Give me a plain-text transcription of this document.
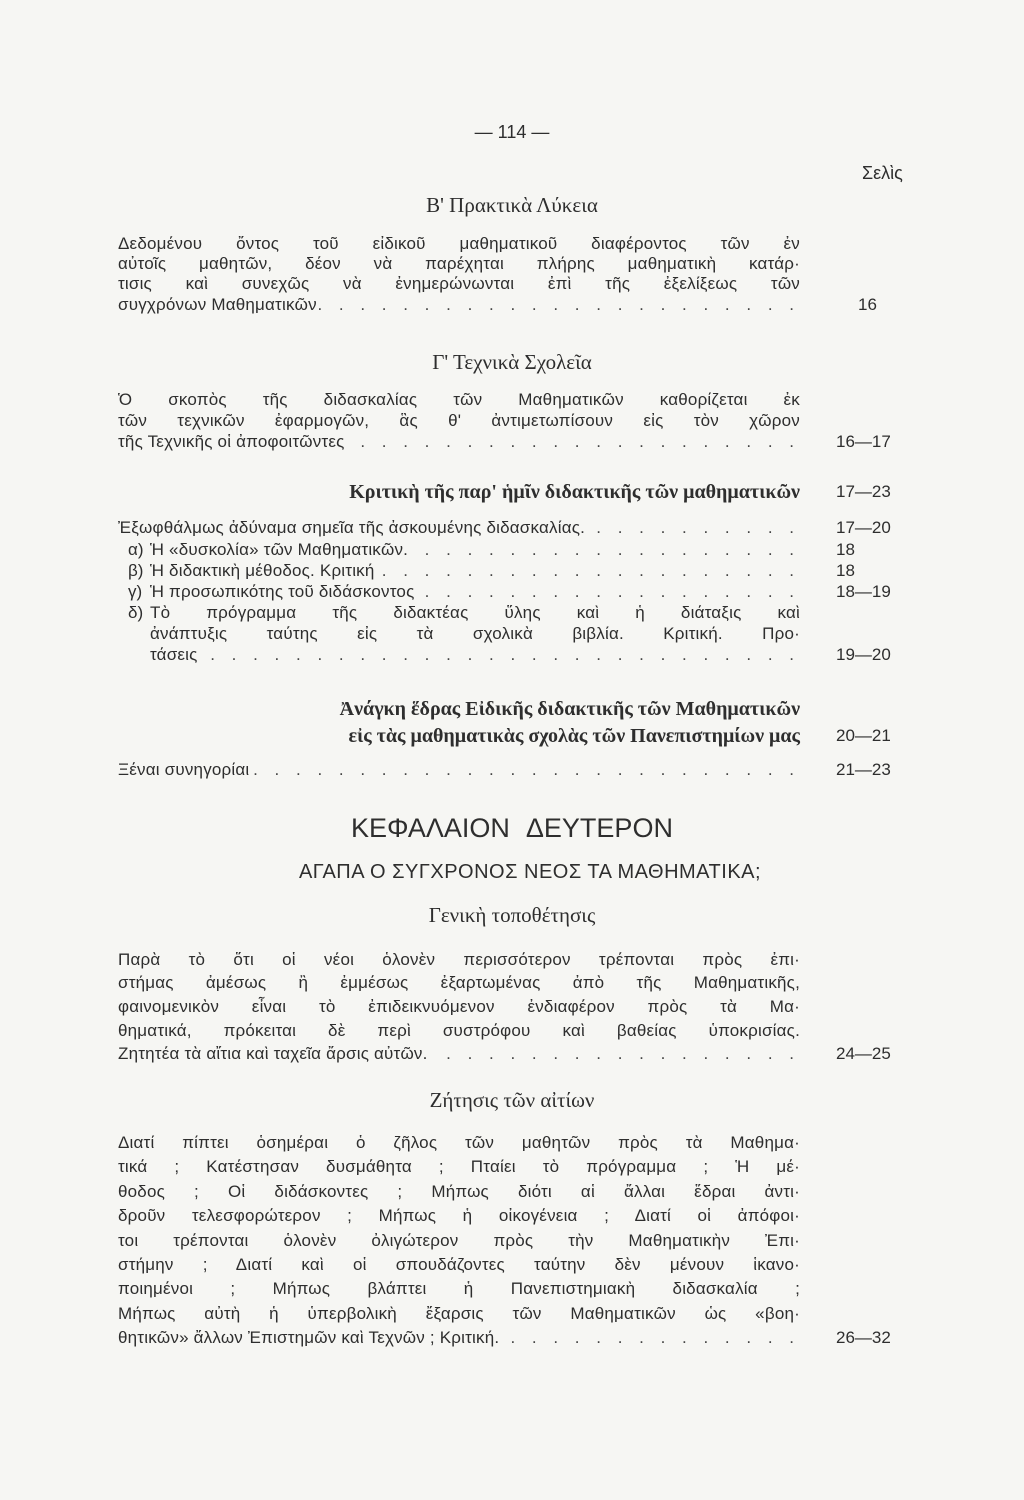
— 114 —
Σελὶς
Β' Πρακτικὰ Λύκεια
Δεδομένου ὄντος τοῦ εἰδικοῦ μαθηματικοῦ διαφέροντος τῶν ἐν
αὐτοῖς μαθητῶν, δέον νὰ παρέχηται πλήρης μαθηματικὴ κατάρ·
τισις καὶ συνεχῶς νὰ ἐνημερώνωνται ἐπὶ τῆς ἐξελίξεως τῶν
συγχρόνων Μαθηματικῶν . . .	16
Γ' Τεχνικὰ Σχολεῖα
Ὁ σκοπὸς τῆς διδασκαλίας τῶν Μαθηματικῶν καθορίζεται ἐκ
τῶν τεχνικῶν ἐφαρμογῶν, ἃς θ' ἀντιμετωπίσουν εἰς τὸν χῶρον
τῆς Τεχνικῆς οἱ ἀποφοιτῶντες . . .	16—17
Κριτικὴ τῆς παρ' ἡμῖν διδακτικῆς τῶν μαθηματικῶν 17—23
Ἐξωφθάλμως ἀδύναμα σημεῖα τῆς ἀσκουμένης διδασκαλίας. . . .	17—20
α) Ἡ «δυσκολία» τῶν Μαθηματικῶν. . . .	18
β) Ἡ διδακτικὴ μέθοδος. Κριτική . . .	18
γ) Ἡ προσωπικότης τοῦ διδάσκοντος . . .	18—19
δ) Τὸ πρόγραμμα τῆς διδακτέας ὕλης καὶ ἡ διάταξις καὶ
ἀνάπτυξις ταύτης εἰς τὰ σχολικὰ βιβλία. Κριτική. Προ·
τάσεις . . .	19—20
Ἀνάγκη ἕδρας Εἰδικῆς διδακτικῆς τῶν Μαθηματικῶν
εἰς τὰς μαθηματικὰς σχολὰς τῶν Πανεπιστημίων μας 20—21
Ξέναι συνηγορίαι . . .	21—23
ΚΕΦΑΛΑΙΟΝ ΔΕΥΤΕΡΟΝ
ΑΓΑΠΑ Ο ΣΥΓΧΡΟΝΟΣ ΝΕΟΣ ΤΑ ΜΑΘΗΜΑΤΙΚΑ;
Γενικὴ τοποθέτησις
Παρὰ τὸ ὅτι οἱ νέοι ὁλονὲν περισσότερον τρέπονται πρὸς ἐπι·
στήμας ἀμέσως ἢ ἐμμέσως ἐξαρτωμένας ἀπὸ τῆς Μαθηματικῆς,
φαινομενικὸν εἶναι τὸ ἐπιδεικνυόμενον ἐνδιαφέρον πρὸς τὰ Μα·
θηματικά, πρόκειται δὲ περὶ συστρόφου καὶ βαθείας ὑποκρισίας.
Ζητητέα τὰ αἴτια καὶ ταχεῖα ἄρσις αὐτῶν. . . .	24—25
Ζήτησις τῶν αἰτίων
Διατί πίπτει ὁσημέραι ὁ ζῆλος τῶν μαθητῶν πρὸς τὰ Μαθημα·
τικά ; Κατέστησαν δυσμάθητα ; Πταίει τὸ πρόγραμμα ; Ἡ μέ·
θοδος ; Οἱ διδάσκοντες ; Μήπως διότι αἱ ἄλλαι ἕδραι ἀντι·
δροῦν τελεσφορώτερον ; Μήπως ἡ οἰκογένεια ; Διατί οἱ ἀπόφοι·
τοι τρέπονται ὁλονὲν ὀλιγώτερον πρὸς τὴν Μαθηματικὴν Ἐπι·
στήμην ; Διατί καὶ οἱ σπουδάζοντες ταύτην δὲν μένουν ἱκανο·
ποιημένοι ; Μήπως βλάπτει ἡ Πανεπιστημιακὴ διδασκαλία ;
Μήπως αὐτὴ ἡ ὑπερβολικὴ ἔξαρσις τῶν Μαθηματικῶν ὡς «βοη·
θητικῶν» ἄλλων Ἐπιστημῶν καὶ Τεχνῶν ; Κριτική. . . .	26—32
